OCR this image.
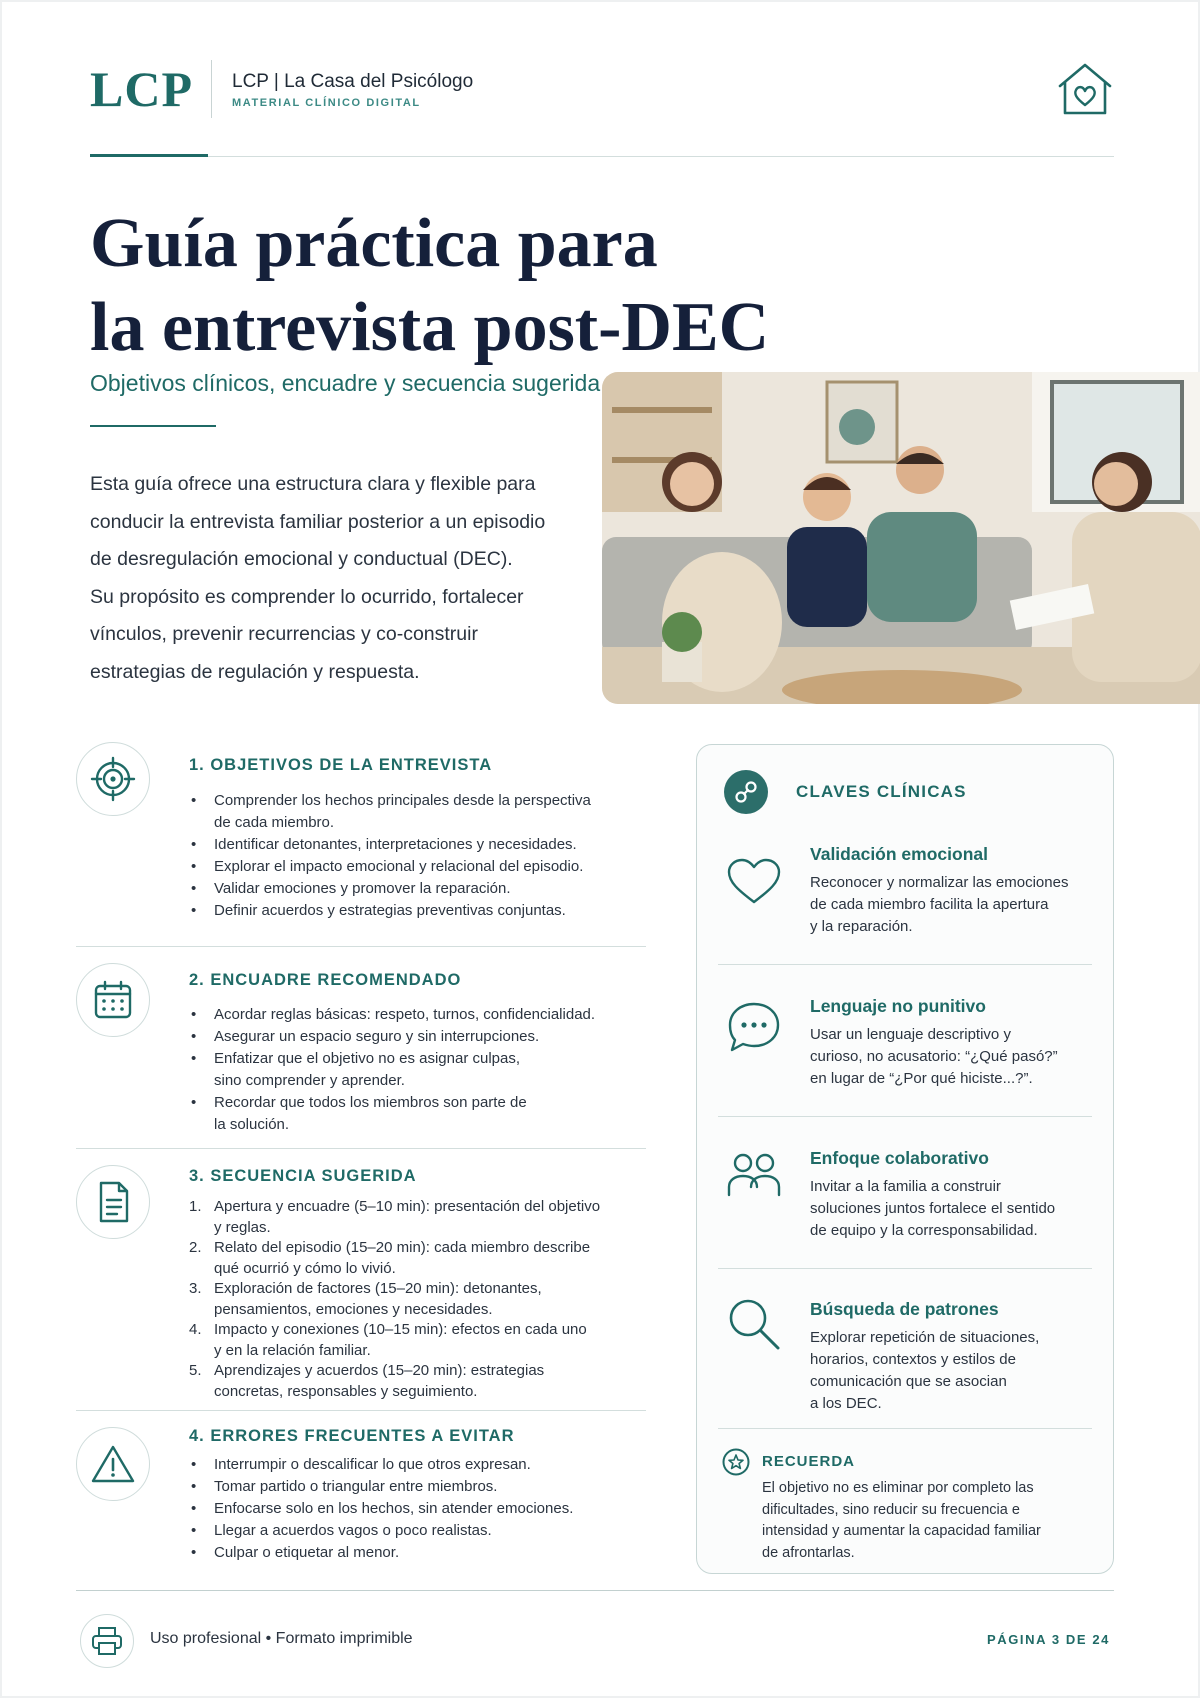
LCP LCP | La Casa del Psicólogo
MATERIAL CLÍNICO DIGITAL
Guía práctica para
la entrevista post-DEC
Objetivos clínicos, encuadre y secuencia sugerida

Esta guía ofrece una estructura clara y flexible para
conducir la entrevista familiar posterior a un episodio
de desregulación emocional y conductual (DEC).
Su propósito es comprender lo ocurrido, fortalecer
vínculos, prevenir recurrencias y co-construir
estrategias de regulación y respuesta.

1. OBJETIVOS DE LA ENTREVISTA
• Comprender los hechos principales desde la perspectiva
de cada miembro.
• Identificar detonantes, interpretaciones y necesidades.
• Explorar el impacto emocional y relacional del episodio.
• Validar emociones y promover la reparación.
• Definir acuerdos y estrategias preventivas conjuntas.
2. ENCUADRE RECOMENDADO
• Acordar reglas básicas: respeto, turnos, confidencialidad.
• Asegurar un espacio seguro y sin interrupciones.
• Enfatizar que el objetivo no es asignar culpas,
sino comprender y aprender.
• Recordar que todos los miembros son parte de
la solución.
3. SECUENCIA SUGERIDA
1. Apertura y encuadre (5–10 min): presentación del objetivo
y reglas.
2. Relato del episodio (15–20 min): cada miembro describe
qué ocurrió y cómo lo vivió.
3. Exploración de factores (15–20 min): detonantes,
pensamientos, emociones y necesidades.
4. Impacto y conexiones (10–15 min): efectos en cada uno
y en la relación familiar.
5. Aprendizajes y acuerdos (15–20 min): estrategias
concretas, responsables y seguimiento.
4. ERRORES FRECUENTES A EVITAR
• Interrumpir o descalificar lo que otros expresan.
• Tomar partido o triangular entre miembros.
• Enfocarse solo en los hechos, sin atender emociones.
• Llegar a acuerdos vagos o poco realistas.
• Culpar o etiquetar al menor.
CLAVES CLÍNICAS
Validación emocional

Reconocer y normalizar las emociones
de cada miembro facilita la apertura
y la reparación.

Lenguaje no punitivo

Usar un lenguaje descriptivo y
curioso, no acusatorio: “¿Qué pasó?”
en lugar de “¿Por qué hiciste...?”.

Enfoque colaborativo

Invitar a la familia a construir
soluciones juntos fortalece el sentido
de equipo y la corresponsabilidad.

Búsqueda de patrones

Explorar repetición de situaciones,
horarios, contextos y estilos de
comunicación que se asocian
a los DEC.

RECUERDA

El objetivo no es eliminar por completo las
dificultades, sino reducir su frecuencia e
intensidad y aumentar la capacidad familiar
de afrontarlas.

Uso profesional • Formato imprimible	PÁGINA 3 DE 24
